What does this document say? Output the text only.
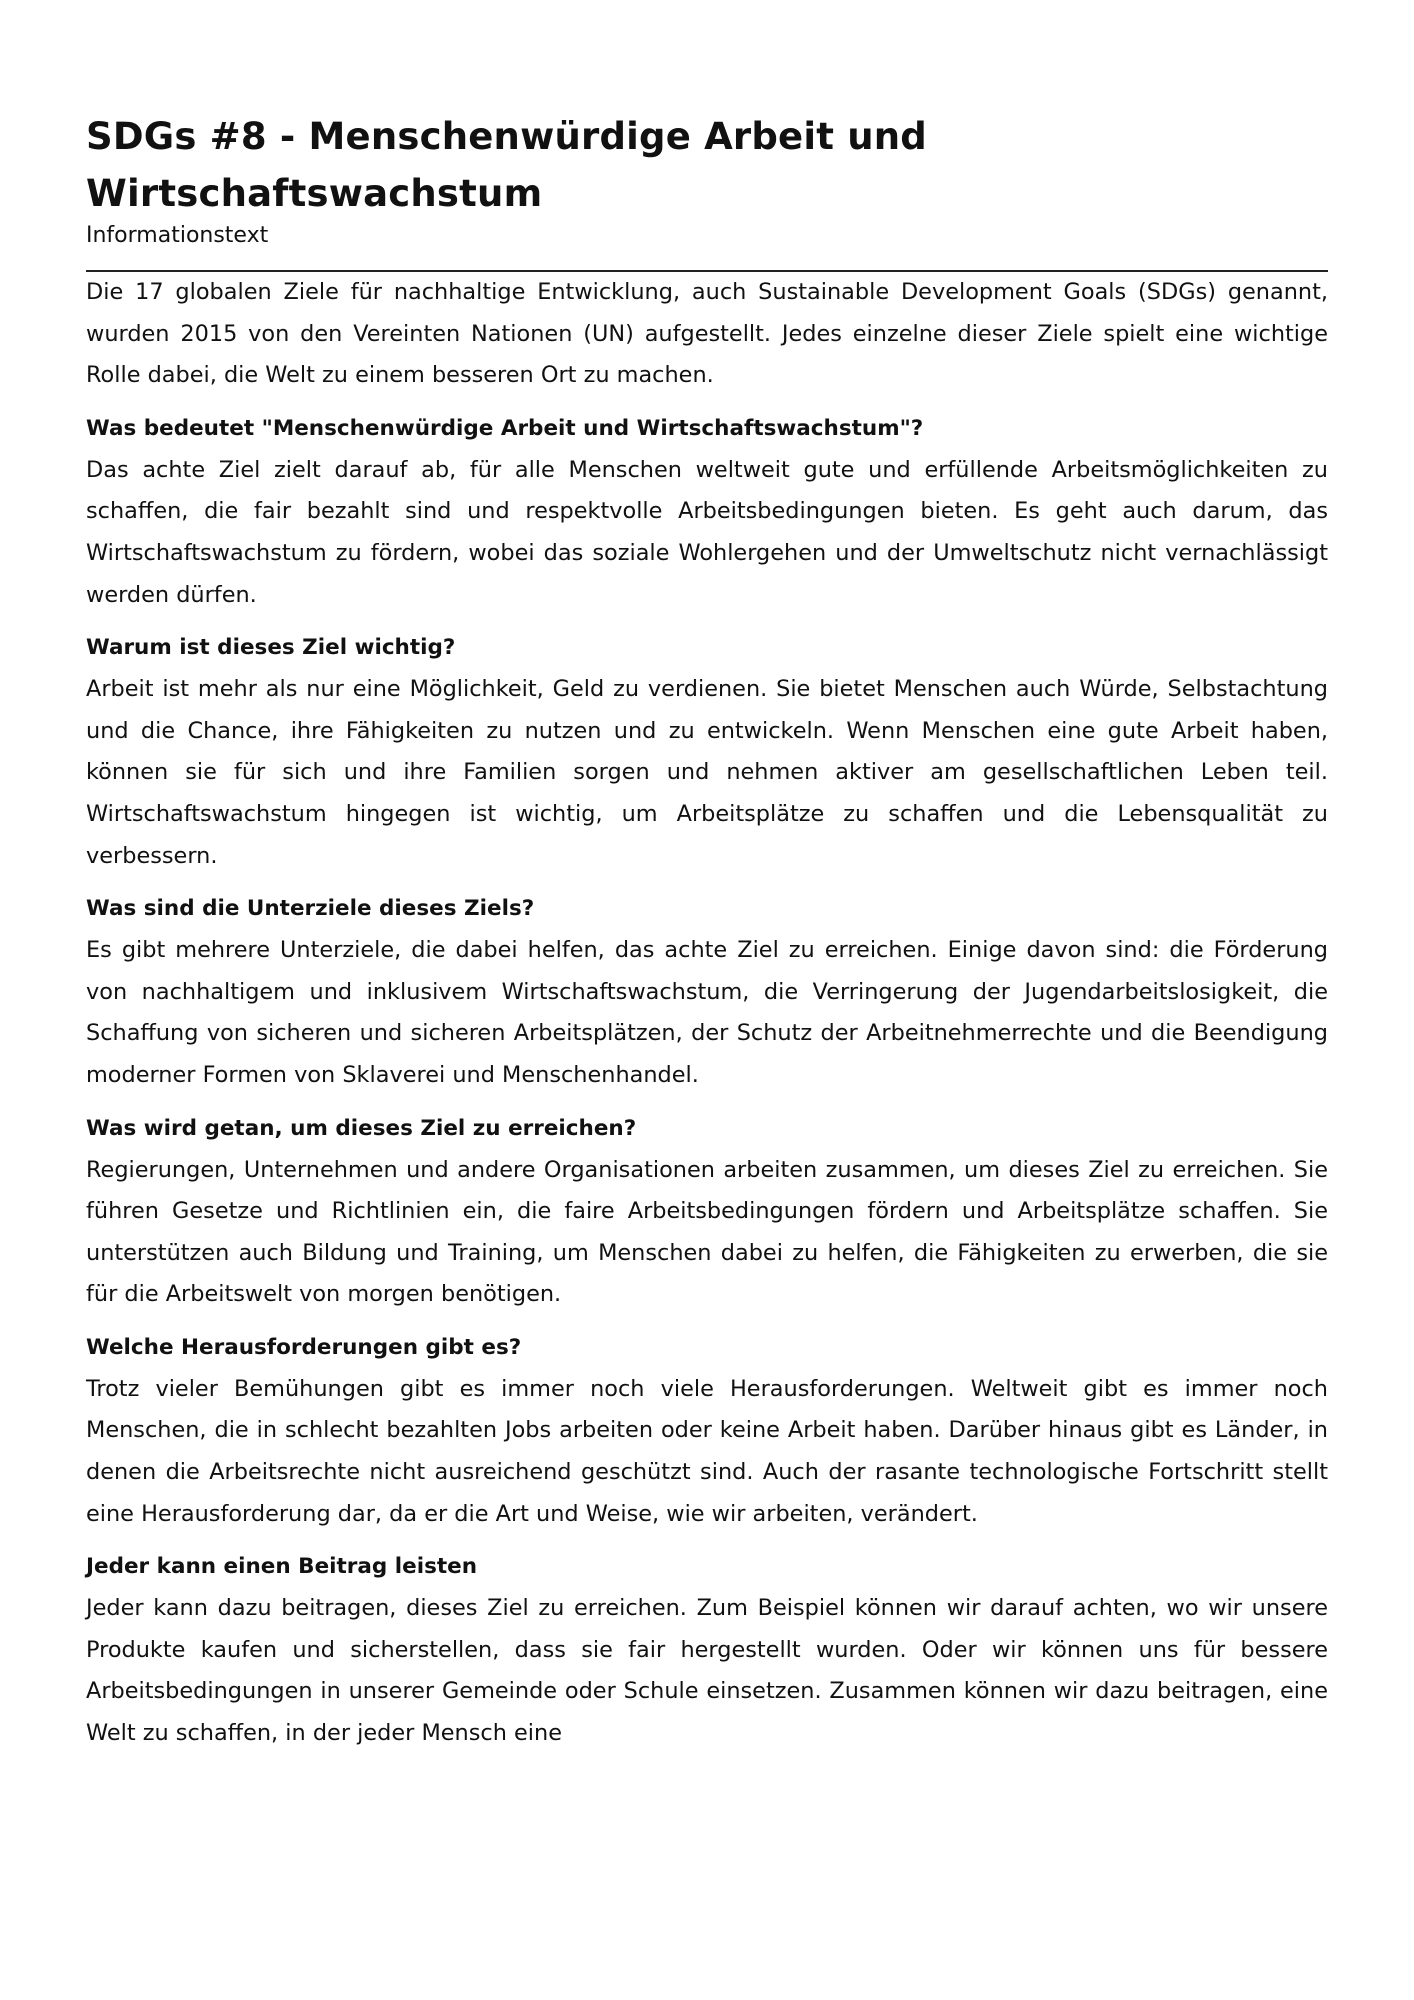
SDGs #8 - Menschenwürdige Arbeit und Wirtschaftswachstum

Informationstext

Die 17 globalen Ziele für nachhaltige Entwicklung, auch Sustainable Development Goals (SDGs) genannt, wurden 2015 von den Vereinten Nationen (UN) aufgestellt. Jedes einzelne dieser Ziele spielt eine wichtige Rolle dabei, die Welt zu einem besseren Ort zu machen.

Was bedeutet "Menschenwürdige Arbeit und Wirtschaftswachstum"?

Das achte Ziel zielt darauf ab, für alle Menschen weltweit gute und erfüllende Arbeitsmöglichkeiten zu schaffen, die fair bezahlt sind und respektvolle Arbeitsbedingungen bieten. Es geht auch darum, das Wirtschaftswachstum zu fördern, wobei das soziale Wohlergehen und der Umweltschutz nicht vernachlässigt werden dürfen.

Warum ist dieses Ziel wichtig?

Arbeit ist mehr als nur eine Möglichkeit, Geld zu verdienen. Sie bietet Menschen auch Würde, Selbstachtung und die Chance, ihre Fähigkeiten zu nutzen und zu entwickeln. Wenn Menschen eine gute Arbeit haben, können sie für sich und ihre Familien sorgen und nehmen aktiver am gesellschaftlichen Leben teil. Wirtschaftswachstum hingegen ist wichtig, um Arbeitsplätze zu schaffen und die Lebensqualität zu verbessern.

Was sind die Unterziele dieses Ziels?

Es gibt mehrere Unterziele, die dabei helfen, das achte Ziel zu erreichen. Einige davon sind: die Förderung von nachhaltigem und inklusivem Wirtschaftswachstum, die Verringerung der Jugendarbeitslosigkeit, die Schaffung von sicheren und sicheren Arbeitsplätzen, der Schutz der Arbeitnehmerrechte und die Beendigung moderner Formen von Sklaverei und Menschenhandel.

Was wird getan, um dieses Ziel zu erreichen?

Regierungen, Unternehmen und andere Organisationen arbeiten zusammen, um dieses Ziel zu erreichen. Sie führen Gesetze und Richtlinien ein, die faire Arbeitsbedingungen fördern und Arbeitsplätze schaffen. Sie unterstützen auch Bildung und Training, um Menschen dabei zu helfen, die Fähigkeiten zu erwerben, die sie für die Arbeitswelt von morgen benötigen.

Welche Herausforderungen gibt es?

Trotz vieler Bemühungen gibt es immer noch viele Herausforderungen. Weltweit gibt es immer noch Menschen, die in schlecht bezahlten Jobs arbeiten oder keine Arbeit haben. Darüber hinaus gibt es Länder, in denen die Arbeitsrechte nicht ausreichend geschützt sind. Auch der rasante technologische Fortschritt stellt eine Herausforderung dar, da er die Art und Weise, wie wir arbeiten, verändert.

Jeder kann einen Beitrag leisten

Jeder kann dazu beitragen, dieses Ziel zu erreichen. Zum Beispiel können wir darauf achten, wo wir unsere Produkte kaufen und sicherstellen, dass sie fair hergestellt wurden. Oder wir können uns für bessere Arbeitsbedingungen in unserer Gemeinde oder Schule einsetzen. Zusammen können wir dazu beitragen, eine Welt zu schaffen, in der jeder Mensch eine
